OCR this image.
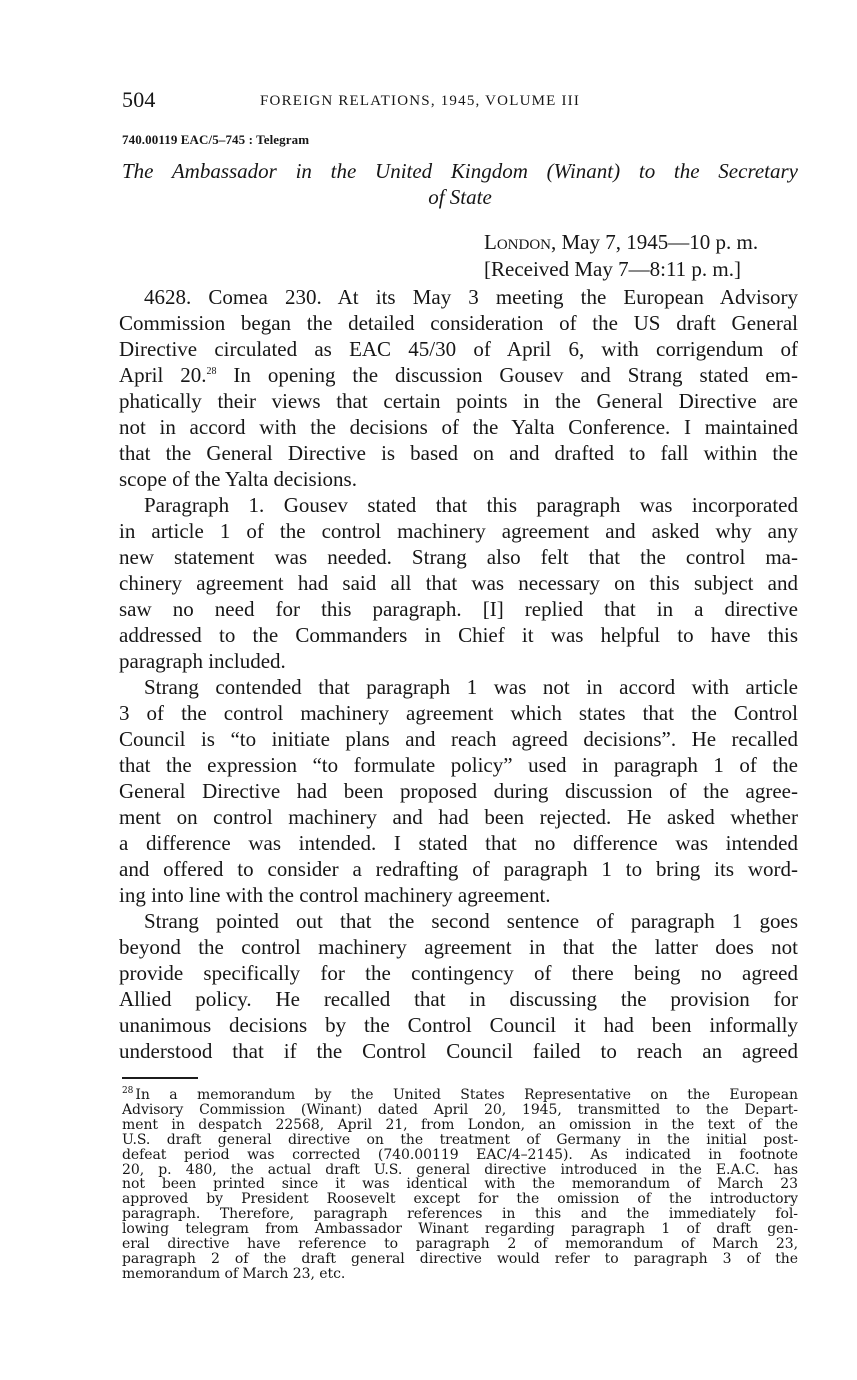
504	FOREIGN RELATIONS, 1945, VOLUME III
740.00119 EAC/5–745 : Telegram
The Ambassador in the United Kingdom (Winant) to the Secretary
of State
London, May 7, 1945—10 p. m.
[Received May 7—8:11 p. m.]
4628. Comea 230. At its May 3 meeting the European Advisory
Commission began the detailed consideration of the US draft General
Directive circulated as EAC 45/30 of April 6, with corrigendum of
April 20.28 In opening the discussion Gousev and Strang stated em-
phatically their views that certain points in the General Directive are
not in accord with the decisions of the Yalta Conference. I maintained
that the General Directive is based on and drafted to fall within the
scope of the Yalta decisions.
Paragraph 1. Gousev stated that this paragraph was incorporated
in article 1 of the control machinery agreement and asked why any
new statement was needed. Strang also felt that the control ma-
chinery agreement had said all that was necessary on this subject and
saw no need for this paragraph. [I] replied that in a directive
addressed to the Commanders in Chief it was helpful to have this
paragraph included.
Strang contended that paragraph 1 was not in accord with article
3 of the control machinery agreement which states that the Control
Council is “to initiate plans and reach agreed decisions”. He recalled
that the expression “to formulate policy” used in paragraph 1 of the
General Directive had been proposed during discussion of the agree-
ment on control machinery and had been rejected. He asked whether
a difference was intended. I stated that no difference was intended
and offered to consider a redrafting of paragraph 1 to bring its word-
ing into line with the control machinery agreement.
Strang pointed out that the second sentence of paragraph 1 goes
beyond the control machinery agreement in that the latter does not
provide specifically for the contingency of there being no agreed
Allied policy. He recalled that in discussing the provision for
unanimous decisions by the Control Council it had been informally
understood that if the Control Council failed to reach an agreed
$^{28}$ In a memorandum by the United States Representative on the European
Advisory Commission (Winant) dated April 20, 1945, transmitted to the Depart-
ment in despatch 22568, April 21, from London, an omission in the text of the
U.S. draft general directive on the treatment of Germany in the initial post-
defeat period was corrected (740.00119 EAC/4–2145). As indicated in footnote
20, p. 480, the actual draft U.S. general directive introduced in the E.A.C. has
not been printed since it was identical with the memorandum of March 23
approved by President Roosevelt except for the omission of the introductory
paragraph. Therefore, paragraph references in this and the immediately fol-
lowing telegram from Ambassador Winant regarding paragraph 1 of draft gen-
eral directive have reference to paragraph 2 of memorandum of March 23,
paragraph 2 of the draft general directive would refer to paragraph 3 of the
memorandum of March 23, etc.
